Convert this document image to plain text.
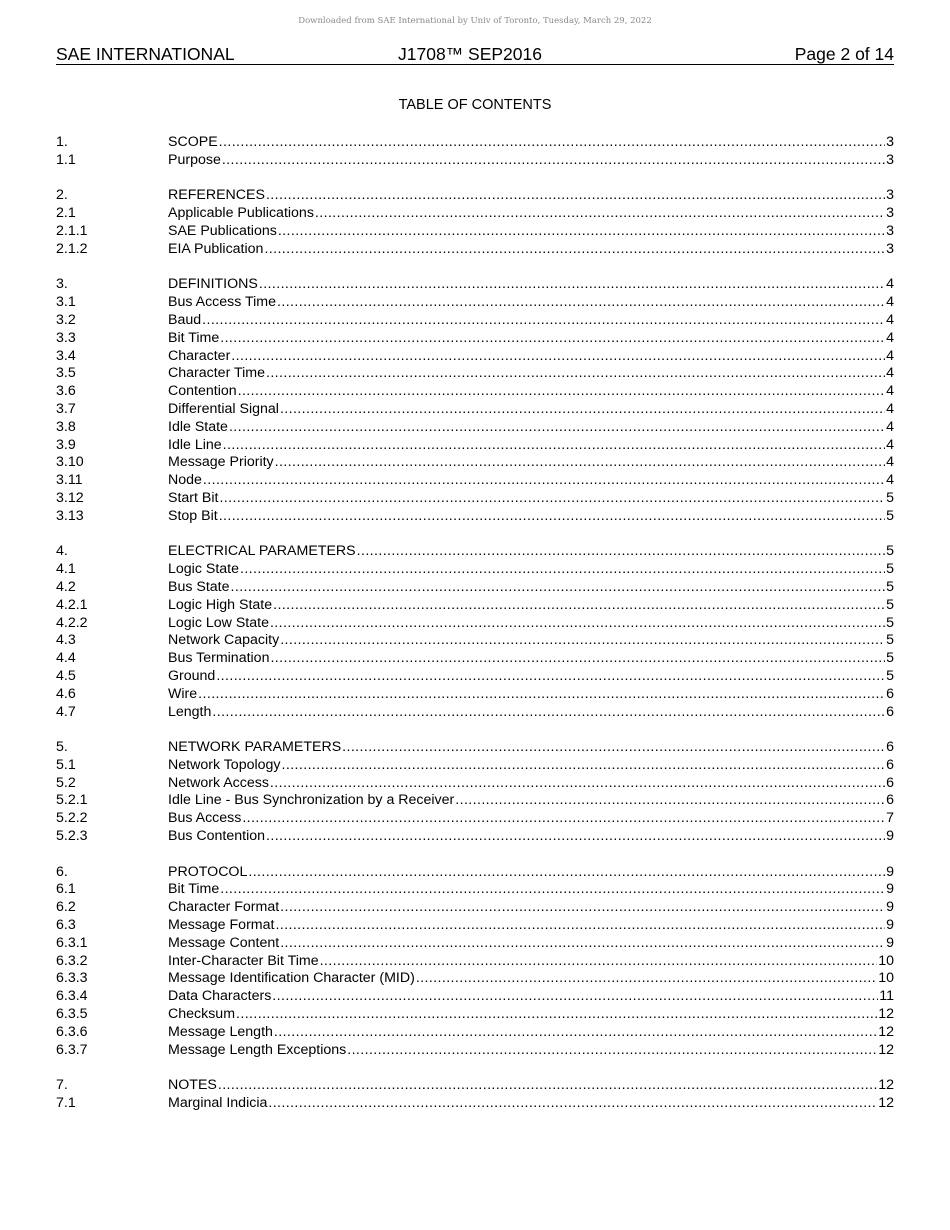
Downloaded from SAE International by Univ of Toronto, Tuesday, March 29, 2022
SAE INTERNATIONAL	J1708™ SEP2016	Page 2 of 14
TABLE OF CONTENTS
1.	SCOPE .....	3
1.1	Purpose .....	3
2.	REFERENCES .....	3
2.1	Applicable Publications .....	3
2.1.1	SAE Publications .....	3
2.1.2	EIA Publication .....	3
3.	DEFINITIONS .....	4
3.1	Bus Access Time .....	4
3.2	Baud .....	4
3.3	Bit Time .....	4
3.4	Character .....	4
3.5	Character Time .....	4
3.6	Contention .....	4
3.7	Differential Signal .....	4
3.8	Idle State .....	4
3.9	Idle Line .....	4
3.10	Message Priority .....	4
3.11	Node .....	4
3.12	Start Bit .....	5
3.13	Stop Bit .....	5
4.	ELECTRICAL PARAMETERS .....	5
4.1	Logic State .....	5
4.2	Bus State .....	5
4.2.1	Logic High State .....	5
4.2.2	Logic Low State .....	5
4.3	Network Capacity .....	5
4.4	Bus Termination .....	5
4.5	Ground .....	5
4.6	Wire .....	6
4.7	Length .....	6
5.	NETWORK PARAMETERS .....	6
5.1	Network Topology .....	6
5.2	Network Access .....	6
5.2.1	Idle Line - Bus Synchronization by a Receiver .....	6
5.2.2	Bus Access .....	7
5.2.3	Bus Contention .....	9
6.	PROTOCOL .....	9
6.1	Bit Time .....	9
6.2	Character Format .....	9
6.3	Message Format .....	9
6.3.1	Message Content .....	9
6.3.2	Inter-Character Bit Time .....	10
6.3.3	Message Identification Character (MID) .....	10
6.3.4	Data Characters .....	11
6.3.5	Checksum .....	12
6.3.6	Message Length .....	12
6.3.7	Message Length Exceptions .....	12
7.	NOTES .....	12
7.1	Marginal Indicia .....	12
